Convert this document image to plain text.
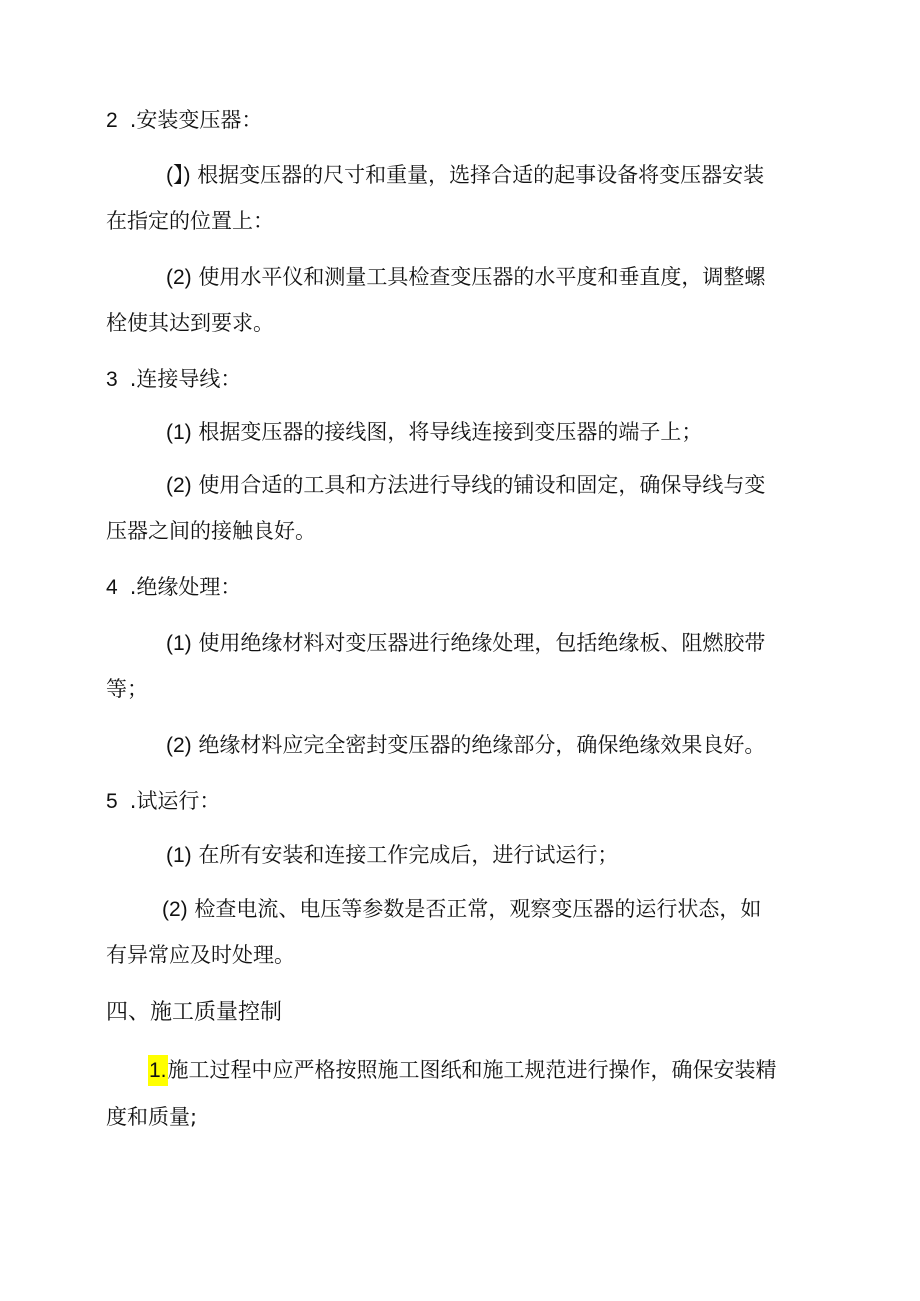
2 .安装变压器：
(】) 根据变压器的尺寸和重量，选择合适的起事设备将变压器安装
在指定的位置上：
(2) 使用水平仪和测量工具检查变压器的水平度和垂直度，调整螺
栓使其达到要求。
3 .连接导线：
(1) 根据变压器的接线图，将导线连接到变压器的端子上；
(2) 使用合适的工具和方法进行导线的铺设和固定，确保导线与变
压器之间的接触良好。
4 .绝缘处理：
(1) 使用绝缘材料对变压器进行绝缘处理，包括绝缘板、阻燃胶带
等；
(2) 绝缘材料应完全密封变压器的绝缘部分，确保绝缘效果良好。
5 .试运行：
(1) 在所有安装和连接工作完成后，进行试运行；
(2) 检查电流、电压等参数是否正常，观察变压器的运行状态，如
有异常应及时处理。
四、施工质量控制
1.施工过程中应严格按照施工图纸和施工规范进行操作，确保安装精
度和质量;
